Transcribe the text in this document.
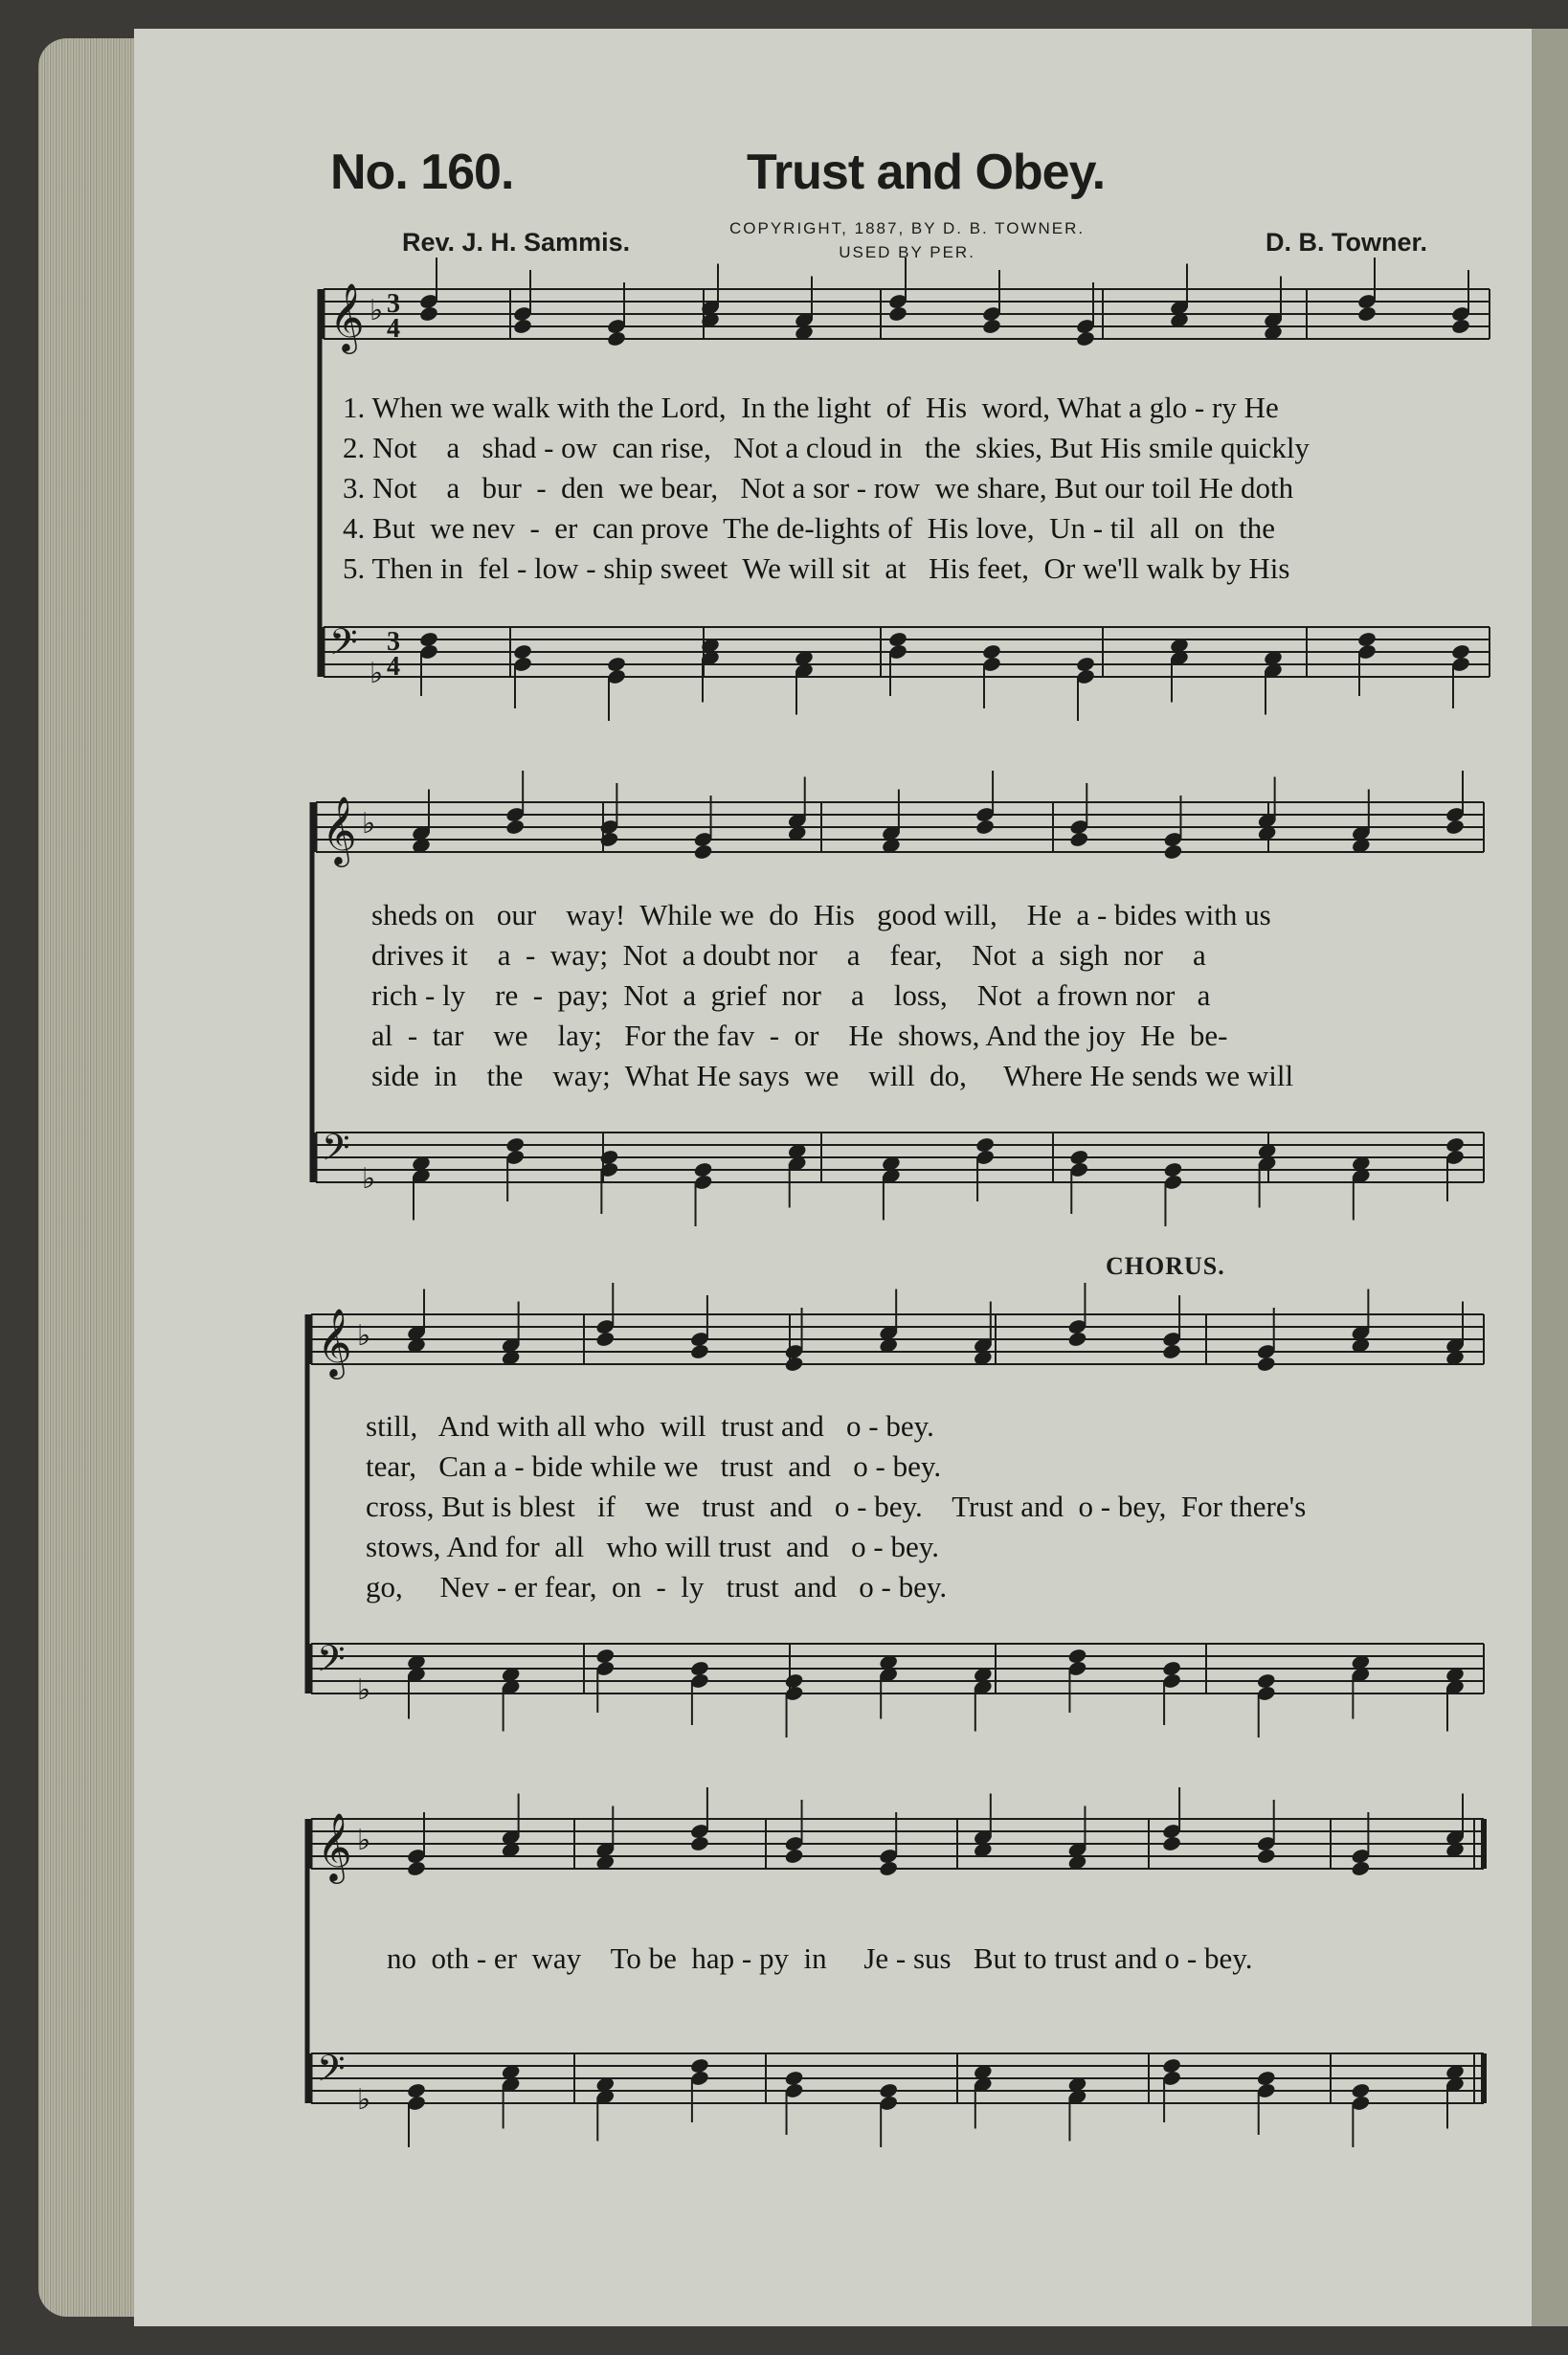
No. 160.	Trust and Obey.
Rev. J. H. Sammis.	COPYRIGHT, 1887, BY D. B. TOWNER.
USED BY PER.	D. B. Towner.
CHORUS.
𝄞 ♭ 3
4
𝄢
♭
3
4
𝄞 ♭
𝄢
♭
𝄞 ♭
𝄢
♭
𝄞 ♭
𝄢
♭
1. When we walk with the Lord,  In the light  of  His  word, What a glo - ry He
2. Not    a   shad - ow  can rise,   Not a cloud in   the  skies, But His smile quickly
3. Not    a   bur  -  den  we bear,   Not a sor - row  we share, But our toil He doth
4. But  we nev  -  er  can prove  The de-lights of  His love,  Un - til  all  on  the
5. Then in  fel - low - ship sweet  We will sit  at   His feet,  Or we'll walk by His
sheds on   our    way!  While we  do  His   good will,    He  a - bides with us
drives it    a  -  way;  Not  a doubt nor    a    fear,    Not  a  sigh  nor    a
rich - ly    re  -  pay;  Not  a  grief  nor    a    loss,    Not  a frown nor   a
al  -  tar    we    lay;   For the fav  -  or    He  shows, And the joy  He  be-
side  in    the    way;  What He says  we    will  do,     Where He sends we will
still,   And with all who  will  trust and   o - bey.
tear,   Can a - bide while we   trust  and   o - bey.
cross, But is blest   if    we   trust  and   o - bey.    Trust and  o - bey,  For there's
stows, And for  all   who will trust  and   o - bey.
go,     Nev - er fear,  on  -  ly   trust  and   o - bey.
no  oth - er  way    To be  hap - py  in     Je - sus   But to trust and o - bey.
